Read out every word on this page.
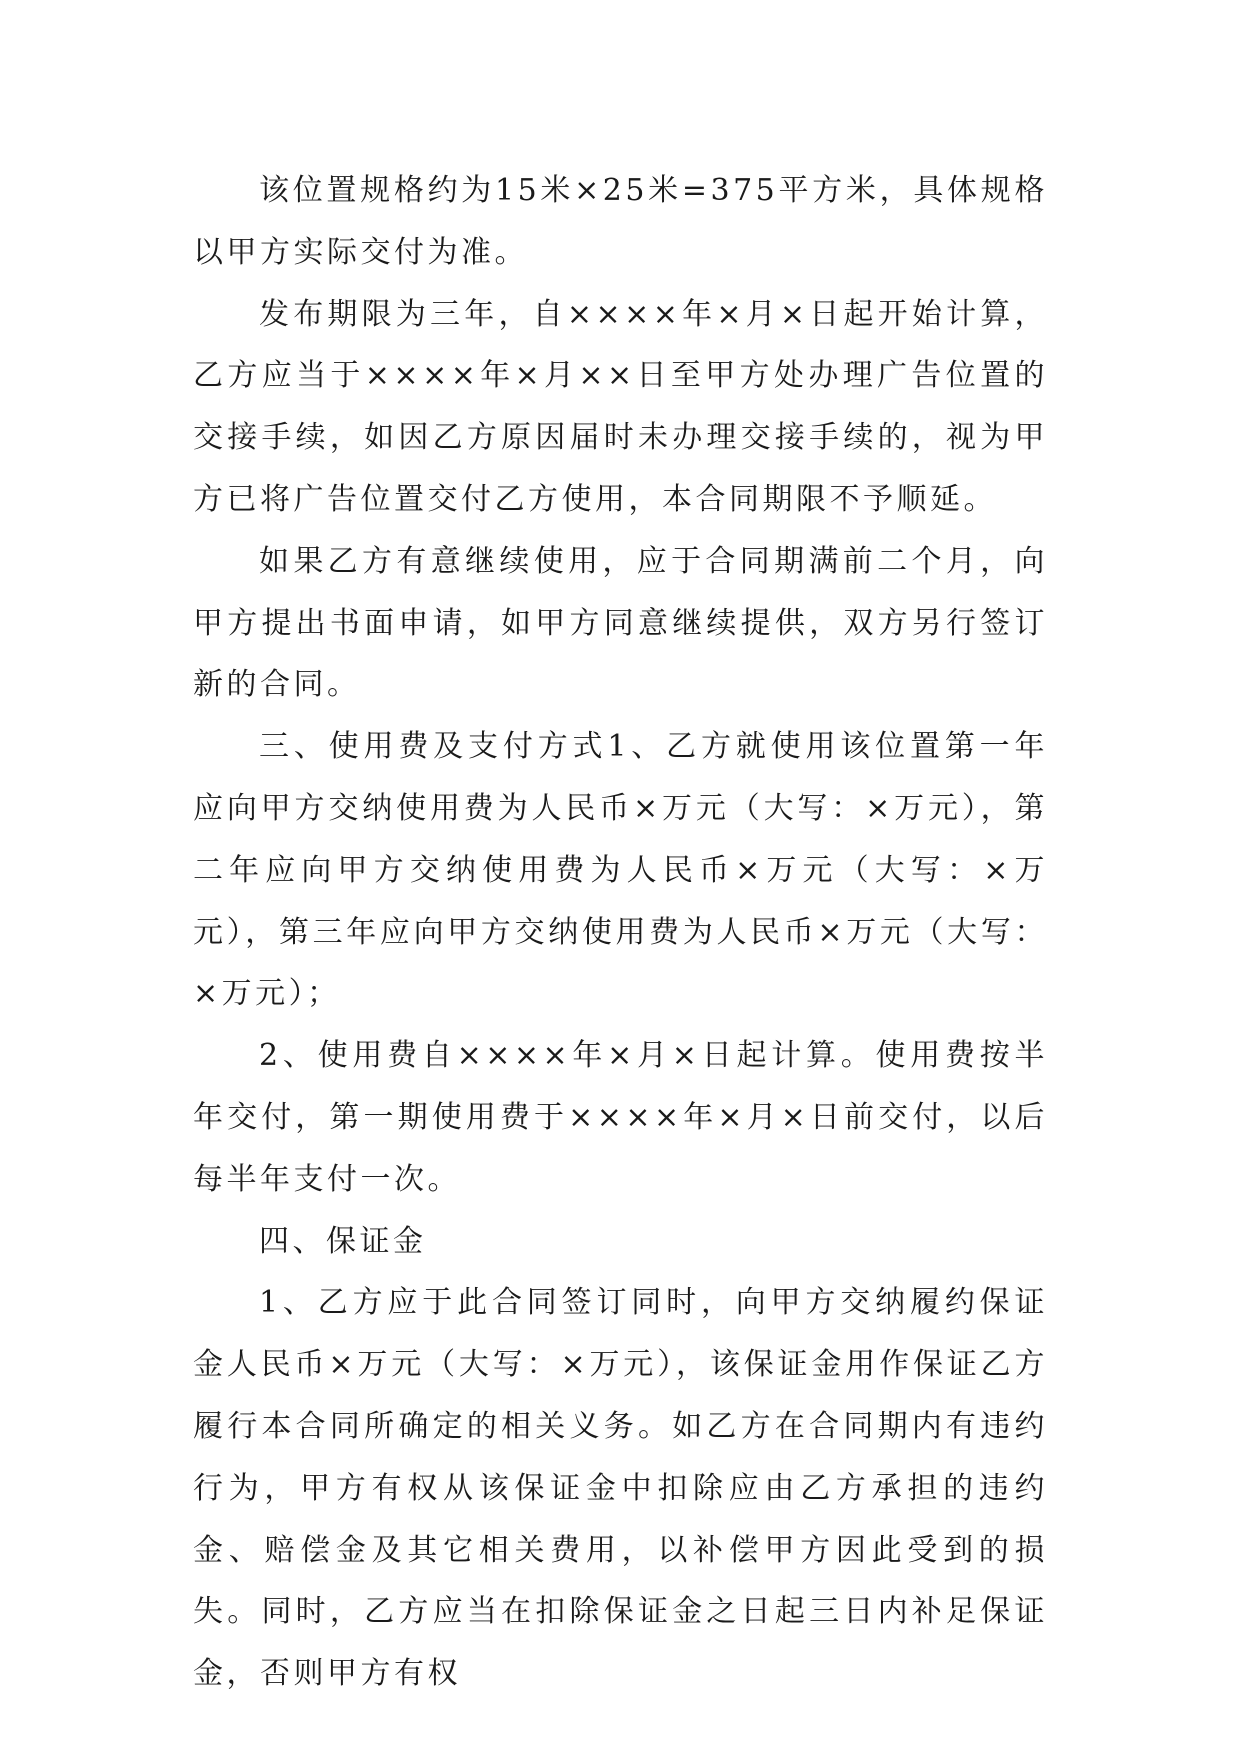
该位置规格约为15米×25米=375平方米，具体规格以甲方实际交付为准。

发布期限为三年，自××××年×月×日起开始计算，乙方应当于××××年×月××日至甲方处办理广告位置的交接手续，如因乙方原因届时未办理交接手续的，视为甲方已将广告位置交付乙方使用，本合同期限不予顺延。

如果乙方有意继续使用，应于合同期满前二个月，向甲方提出书面申请，如甲方同意继续提供，双方另行签订新的合同。

三、使用费及支付方式1、乙方就使用该位置第一年应向甲方交纳使用费为人民币×万元（大写：×万元），第二年应向甲方交纳使用费为人民币×万元（大写：×万元），第三年应向甲方交纳使用费为人民币×万元（大写：×万元）；

2、使用费自××××年×月×日起计算。使用费按半年交付，第一期使用费于××××年×月×日前交付，以后每半年支付一次。

四、保证金

1、乙方应于此合同签订同时，向甲方交纳履约保证金人民币×万元（大写：×万元），该保证金用作保证乙方履行本合同所确定的相关义务。如乙方在合同期内有违约行为，甲方有权从该保证金中扣除应由乙方承担的违约金、赔偿金及其它相关费用，以补偿甲方因此受到的损失。同时，乙方应当在扣除保证金之日起三日内补足保证金，否则甲方有权
